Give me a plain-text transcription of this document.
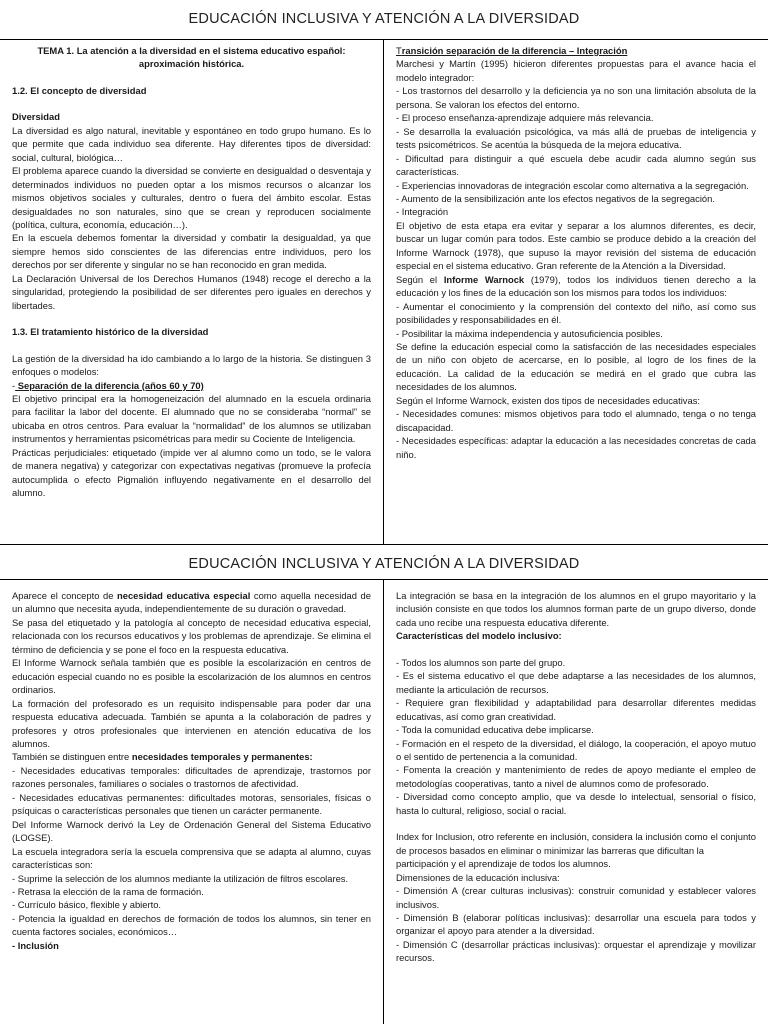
EDUCACIÓN INCLUSIVA Y ATENCIÓN A LA DIVERSIDAD

TEMA 1. La atención a la diversidad en el sistema educativo español:

aproximación histórica.

1.2. El concepto de diversidad

Diversidad

La diversidad es algo natural, inevitable y espontáneo en todo grupo humano. Es lo que permite que cada individuo sea diferente. Hay diferentes tipos de diversidad: social, cultural, biológica…

El problema aparece cuando la diversidad se convierte en desigualdad o desventaja y determinados individuos no pueden optar a los mismos recursos o alcanzar los mismos objetivos sociales y culturales, dentro o fuera del ámbito escolar. Estas desigualdades no son naturales, sino que se crean y reproducen socialmente (política, cultura, economía, educación…).

En la escuela debemos fomentar la diversidad y combatir la desigualdad, ya que siempre hemos sido conscientes de las diferencias entre individuos, pero los derechos por ser diferente y singular no se han reconocido en gran medida.

La Declaración Universal de los Derechos Humanos (1948) recoge el derecho a la singularidad, protegiendo la posibilidad de ser diferentes pero iguales en derechos y libertades.

1.3. El tratamiento histórico de la diversidad

La gestión de la diversidad ha ido cambiando a lo largo de la historia. Se distinguen 3 enfoques o modelos:

- Separación de la diferencia (años 60 y 70)

El objetivo principal era la homogeneización del alumnado en la escuela ordinaria para facilitar la labor del docente. El alumnado que no se consideraba “normal” se ubicaba en otros centros. Para evaluar la “normalidad” de los alumnos se utilizaban instrumentos y herramientas psicométricas para medir su Cociente de Inteligencia.

Prácticas perjudiciales: etiquetado (impide ver al alumno como un todo, se le valora de manera negativa) y categorizar con expectativas negativas (promueve la profecía autocumplida o efecto Pigmalión influyendo negativamente en el desarrollo del alumno.

Transición separación de la diferencia – Integración

Marchesi y Martín (1995) hicieron diferentes propuestas para el avance hacia el modelo integrador:

- Los trastornos del desarrollo y la deficiencia ya no son una limitación absoluta de la persona. Se valoran los efectos del entorno.

- El proceso enseñanza-aprendizaje adquiere más relevancia.

- Se desarrolla la evaluación psicológica, va más allá de pruebas de inteligencia y tests psicométricos. Se acentúa la búsqueda de la mejora educativa.

- Dificultad para distinguir a qué escuela debe acudir cada alumno según sus características.

- Experiencias innovadoras de integración escolar como alternativa a la segregación.

- Aumento de la sensibilización ante los efectos negativos de la segregación.

- Integración

El objetivo de esta etapa era evitar y separar a los alumnos diferentes, es decir, buscar un lugar común para todos. Este cambio se produce debido a la creación del Informe Warnock (1978), que supuso la mayor revisión del sistema de educación especial en el sistema educativo. Gran referente de la Atención a la Diversidad.

Según el Informe Warnock (1979), todos los individuos tienen derecho a la educación y los fines de la educación son los mismos para todos los individuos:

- Aumentar el conocimiento y la comprensión del contexto del niño, así como sus posibilidades y responsabilidades en él.

- Posibilitar la máxima independencia y autosuficiencia posibles.

Se define la educación especial como la satisfacción de las necesidades especiales de un niño con objeto de acercarse, en lo posible, al logro de los fines de la educación. La calidad de la educación se medirá en el grado que cubra las necesidades de los alumnos.

Según el Informe Warnock, existen dos tipos de necesidades educativas:

- Necesidades comunes: mismos objetivos para todo el alumnado, tenga o no tenga discapacidad.

- Necesidades específicas: adaptar la educación a las necesidades concretas de cada niño.

EDUCACIÓN INCLUSIVA Y ATENCIÓN A LA DIVERSIDAD

Aparece el concepto de necesidad educativa especial como aquella necesidad de un alumno que necesita ayuda, independientemente de su duración o gravedad.

Se pasa del etiquetado y la patología al concepto de necesidad educativa especial, relacionada con los recursos educativos y los problemas de aprendizaje. Se elimina el término de deficiencia y se pone el foco en la respuesta educativa.

El Informe Warnock señala también que es posible la escolarización en centros de educación especial cuando no es posible la escolarización de los alumnos en centros ordinarios.

La formación del profesorado es un requisito indispensable para poder dar una respuesta educativa adecuada. También se apunta a la colaboración de padres y profesores y otros profesionales que intervienen en atención educativa de los alumnos.

También se distinguen entre necesidades temporales y permanentes:

- Necesidades educativas temporales: dificultades de aprendizaje, trastornos por razones personales, familiares o sociales o trastornos de afectividad.

- Necesidades educativas permanentes: dificultades motoras, sensoriales, físicas o psíquicas o características personales que tienen un carácter permanente.

Del Informe Warnock derivó la Ley de Ordenación General del Sistema Educativo (LOGSE).

La escuela integradora sería la escuela comprensiva que se adapta al alumno, cuyas características son:

- Suprime la selección de los alumnos mediante la utilización de filtros escolares.

- Retrasa la elección de la rama de formación.

- Currículo básico, flexible y abierto.

- Potencia la igualdad en derechos de formación de todos los alumnos, sin tener en cuenta factores sociales, económicos…

- Inclusión

La integración se basa en la integración de los alumnos en el grupo mayoritario y la inclusión consiste en que todos los alumnos forman parte de un grupo diverso, donde cada uno recibe una respuesta educativa diferente.

Características del modelo inclusivo:

- Todos los alumnos son parte del grupo.

- Es el sistema educativo el que debe adaptarse a las necesidades de los alumnos, mediante la articulación de recursos.

- Requiere gran flexibilidad y adaptabilidad para desarrollar diferentes medidas educativas, así como gran creatividad.

- Toda la comunidad educativa debe implicarse.

- Formación en el respeto de la diversidad, el diálogo, la cooperación, el apoyo mutuo o el sentido de pertenencia a la comunidad.

- Fomenta la creación y mantenimiento de redes de apoyo mediante el empleo de metodologías cooperativas, tanto a nivel de alumnos como de profesorado.

- Diversidad como concepto amplio, que va desde lo intelectual, sensorial o físico, hasta lo cultural, religioso, social o racial.

Index for Inclusion, otro referente en inclusión, considera la inclusión como el conjunto de procesos basados en eliminar o minimizar las barreras que dificultan la

participación y el aprendizaje de todos los alumnos.

Dimensiones de la educación inclusiva:

- Dimensión A (crear culturas inclusivas): construir comunidad y establecer valores inclusivos.

- Dimensión B (elaborar políticas inclusivas): desarrollar una escuela para todos y organizar el apoyo para atender a la diversidad.

- Dimensión C (desarrollar prácticas inclusivas): orquestar el aprendizaje y movilizar recursos.
